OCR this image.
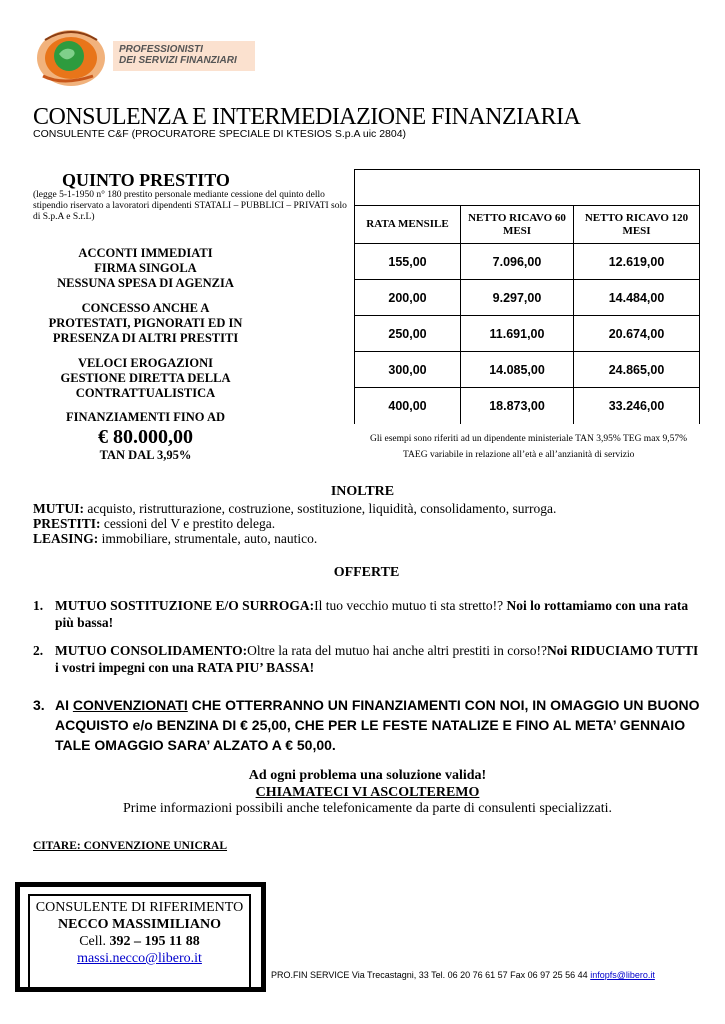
PROFESSIONISTI
DEI SERVIZI FINANZIARI
CONSULENZA E INTERMEDIAZIONE FINANZIARIA
CONSULENTE C&F (PROCURATORE SPECIALE DI KTESIOS S.p.A uic 2804)
QUINTO PRESTITO
(legge 5-1-1950 n° 180 prestito personale mediante cessione del quinto dello stipendio riservato a lavoratori dipendenti STATALI – PUBBLICI – PRIVATI solo di S.p.A e S.r.L)
ACCONTI IMMEDIATI
FIRMA SINGOLA
NESSUNA SPESA DI AGENZIA
CONCESSO ANCHE A
PROTESTATI, PIGNORATI ED IN
PRESENZA DI ALTRI PRESTITI
VELOCI EROGAZIONI
GESTIONE DIRETTA DELLA
CONTRATTUALISTICA
FINANZIAMENTI FINO AD
€ 80.000,00
TAN DAL 3,95%

RATA MENSILE	NETTO RICAVO 60 MESI	NETTO RICAVO 120 MESI
155,00	7.096,00	12.619,00
200,00	9.297,00	14.484,00
250,00	11.691,00	20.674,00
300,00	14.085,00	24.865,00
400,00	18.873,00	33.246,00
Gli esempi sono riferiti ad un dipendente ministeriale TAN 3,95% TEG max 9,57%
TAEG variabile in relazione all’età e all’anzianità di servizio
INOLTRE
MUTUI: acquisto, ristrutturazione, costruzione, sostituzione, liquidità, consolidamento, surroga.
PRESTITI: cessioni del V e prestito delega.
LEASING: immobiliare, strumentale, auto, nautico.
OFFERTE
1. MUTUO SOSTITUZIONE E/O SURROGA:Il tuo vecchio mutuo ti sta stretto!? Noi lo rottamiamo con una rata più bassa!
2. MUTUO CONSOLIDAMENTO:Oltre la rata del mutuo hai anche altri prestiti in corso!?Noi RIDUCIAMO TUTTI i vostri impegni con una RATA PIU’ BASSA!
3. AI CONVENZIONATI CHE OTTERRANNO UN FINANZIAMENTI CON NOI, IN OMAGGIO UN BUONO ACQUISTO e/o BENZINA DI € 25,00, CHE PER LE FESTE NATALIZE E FINO AL META’ GENNAIO TALE OMAGGIO SARA’ ALZATO A € 50,00.
Ad ogni problema una soluzione valida!
CHIAMATECI VI ASCOLTEREMO
Prime informazioni possibili anche telefonicamente da parte di consulenti specializzati.
CITARE: CONVENZIONE UNICRAL
CONSULENTE DI RIFERIMENTO
NECCO MASSIMILIANO
Cell. 392 – 195 11 88
massi.necco@libero.it
PRO.FIN SERVICE Via Trecastagni, 33 Tel. 06 20 76 61 57 Fax 06 97 25 56 44 infopfs@libero.it
